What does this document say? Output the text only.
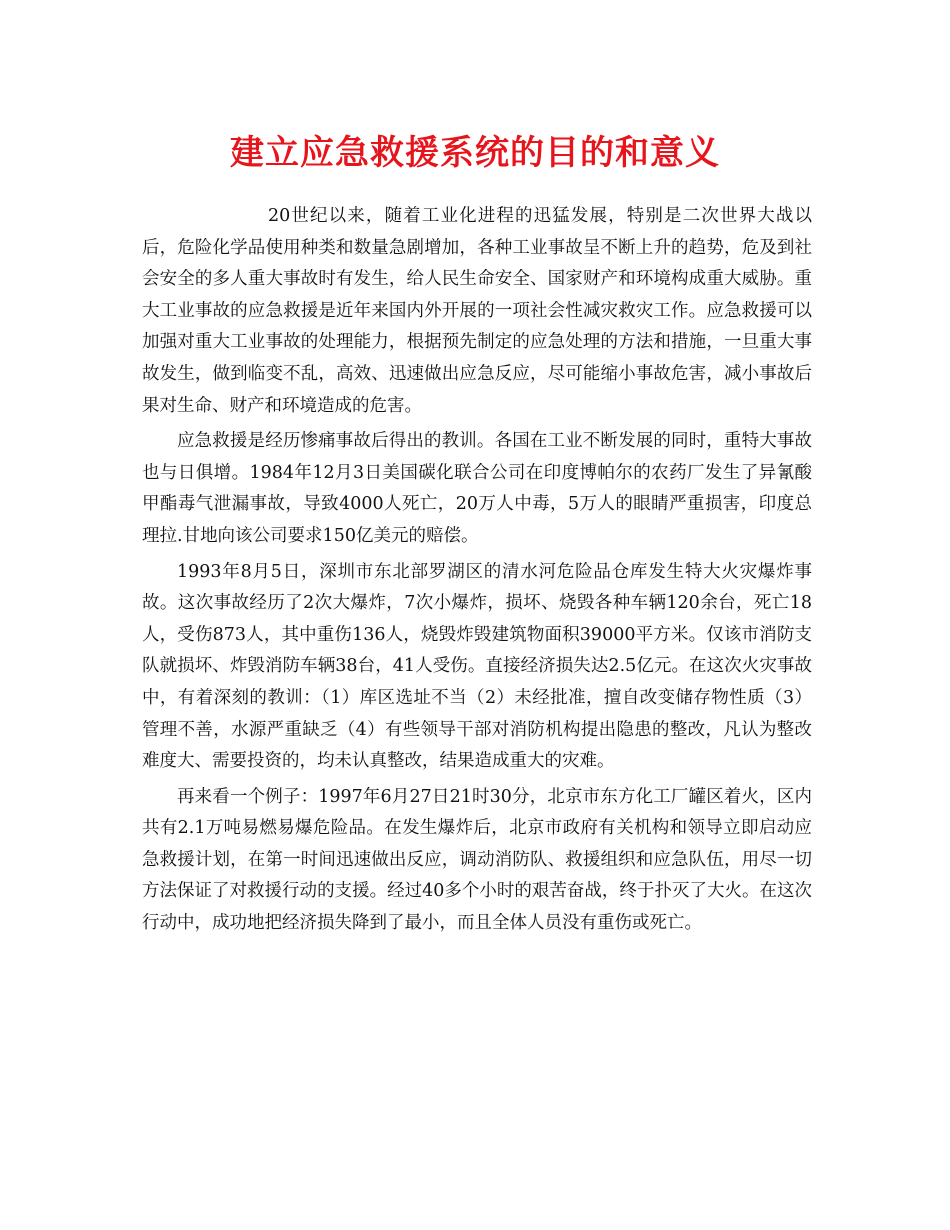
建立应急救援系统的目的和意义

20世纪以来，随着工业化进程的迅猛发展，特别是二次世界大战以后，危险化学品使用种类和数量急剧增加，各种工业事故呈不断上升的趋势，危及到社会安全的多人重大事故时有发生，给人民生命安全、国家财产和环境构成重大威胁。重大工业事故的应急救援是近年来国内外开展的一项社会性减灾救灾工作。应急救援可以加强对重大工业事故的处理能力，根据预先制定的应急处理的方法和措施，一旦重大事故发生，做到临变不乱，高效、迅速做出应急反应，尽可能缩小事故危害，减小事故后果对生命、财产和环境造成的危害。

应急救援是经历惨痛事故后得出的教训。各国在工业不断发展的同时，重特大事故也与日俱增。1984年12月3日美国碳化联合公司在印度博帕尔的农药厂发生了异氰酸甲酯毒气泄漏事故，导致4000人死亡，20万人中毒，5万人的眼睛严重损害，印度总理拉.甘地向该公司要求150亿美元的赔偿。

1993年8月5日，深圳市东北部罗湖区的清水河危险品仓库发生特大火灾爆炸事故。这次事故经历了2次大爆炸，7次小爆炸，损坏、烧毁各种车辆120余台，死亡18人，受伤873人，其中重伤136人，烧毁炸毁建筑物面积39000平方米。仅该市消防支队就损坏、炸毁消防车辆38台，41人受伤。直接经济损失达2.5亿元。在这次火灾事故中，有着深刻的教训：（1）库区选址不当（2）未经批准，擅自改变储存物性质（3）管理不善，水源严重缺乏（4）有些领导干部对消防机构提出隐患的整改，凡认为整改难度大、需要投资的，均未认真整改，结果造成重大的灾难。

再来看一个例子：1997年6月27日21时30分，北京市东方化工厂罐区着火，区内共有2.1万吨易燃易爆危险品。在发生爆炸后，北京市政府有关机构和领导立即启动应急救援计划，在第一时间迅速做出反应，调动消防队、救援组织和应急队伍，用尽一切方法保证了对救援行动的支援。经过40多个小时的艰苦奋战，终于扑灭了大火。在这次行动中，成功地把经济损失降到了最小，而且全体人员没有重伤或死亡。
